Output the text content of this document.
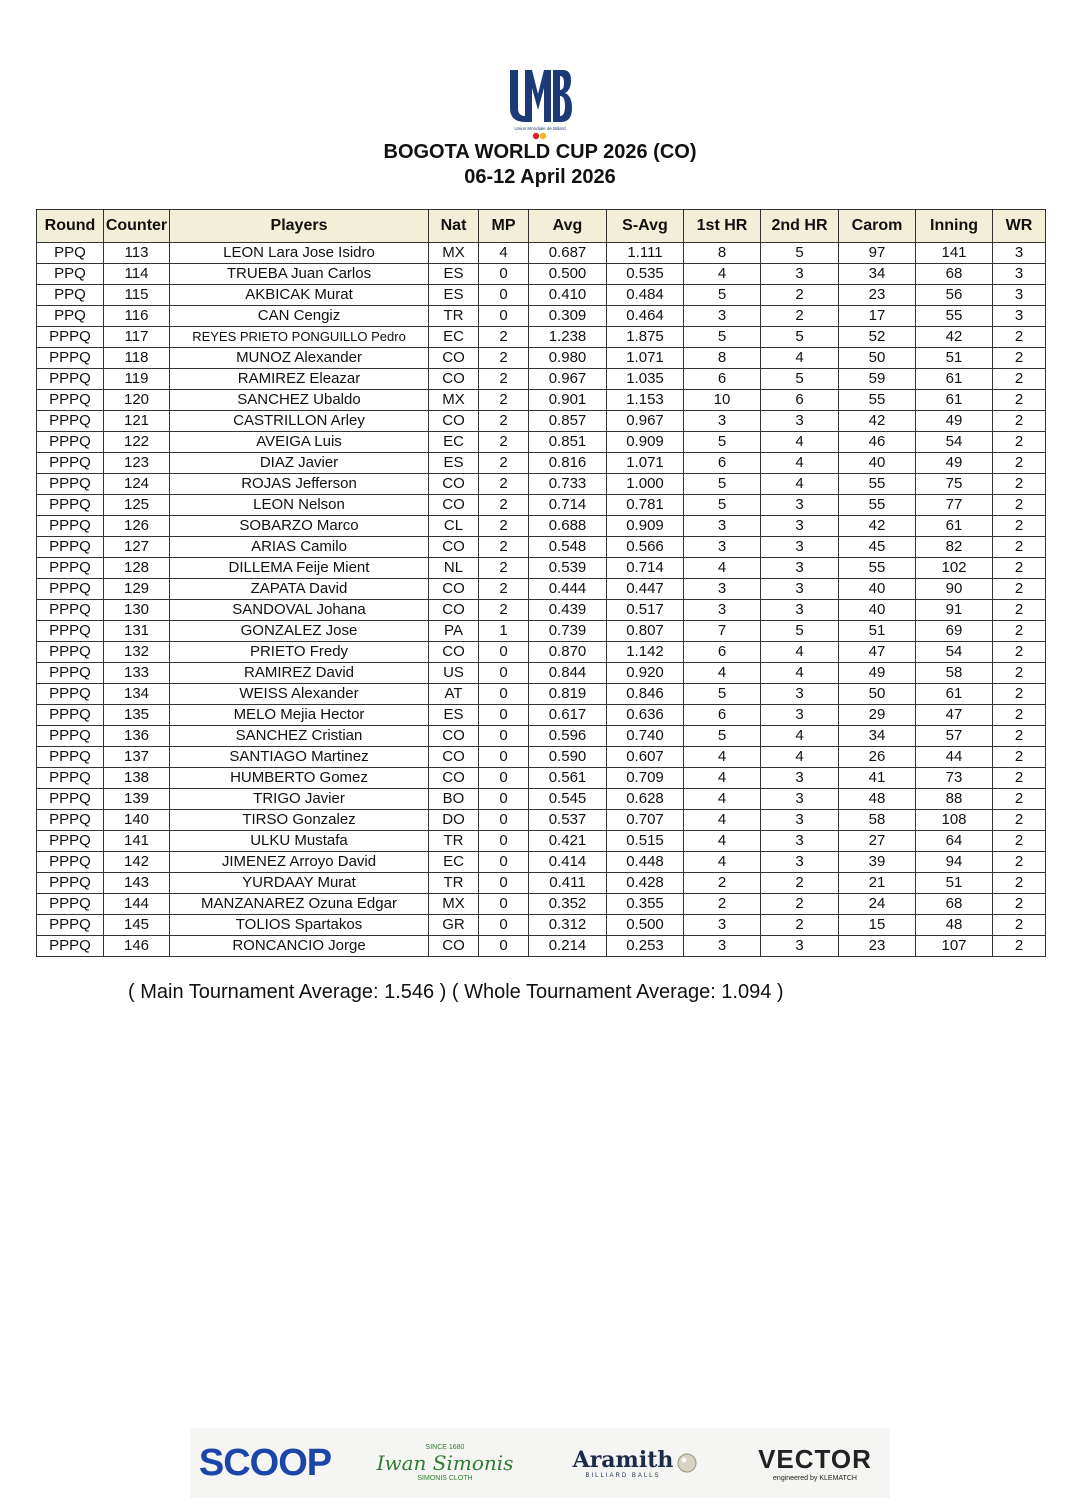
Union Mondiale de Billard
BOGOTA WORLD CUP 2026 (CO)
06-12 April 2026
Round	Counter	Players	Nat	MP	Avg	S-Avg	1st HR	2nd HR	Carom	Inning	WR
PPQ	113	LEON Lara Jose Isidro	MX	4	0.687	1.111	8	5	97	141	3
PPQ	114	TRUEBA Juan Carlos	ES	0	0.500	0.535	4	3	34	68	3
PPQ	115	AKBICAK Murat	ES	0	0.410	0.484	5	2	23	56	3
PPQ	116	CAN Cengiz	TR	0	0.309	0.464	3	2	17	55	3
PPPQ	117	REYES PRIETO PONGUILLO Pedro	EC	2	1.238	1.875	5	5	52	42	2
PPPQ	118	MUNOZ Alexander	CO	2	0.980	1.071	8	4	50	51	2
PPPQ	119	RAMIREZ Eleazar	CO	2	0.967	1.035	6	5	59	61	2
PPPQ	120	SANCHEZ Ubaldo	MX	2	0.901	1.153	10	6	55	61	2
PPPQ	121	CASTRILLON Arley	CO	2	0.857	0.967	3	3	42	49	2
PPPQ	122	AVEIGA Luis	EC	2	0.851	0.909	5	4	46	54	2
PPPQ	123	DIAZ Javier	ES	2	0.816	1.071	6	4	40	49	2
PPPQ	124	ROJAS Jefferson	CO	2	0.733	1.000	5	4	55	75	2
PPPQ	125	LEON Nelson	CO	2	0.714	0.781	5	3	55	77	2
PPPQ	126	SOBARZO Marco	CL	2	0.688	0.909	3	3	42	61	2
PPPQ	127	ARIAS Camilo	CO	2	0.548	0.566	3	3	45	82	2
PPPQ	128	DILLEMA Feije Mient	NL	2	0.539	0.714	4	3	55	102	2
PPPQ	129	ZAPATA David	CO	2	0.444	0.447	3	3	40	90	2
PPPQ	130	SANDOVAL Johana	CO	2	0.439	0.517	3	3	40	91	2
PPPQ	131	GONZALEZ Jose	PA	1	0.739	0.807	7	5	51	69	2
PPPQ	132	PRIETO Fredy	CO	0	0.870	1.142	6	4	47	54	2
PPPQ	133	RAMIREZ David	US	0	0.844	0.920	4	4	49	58	2
PPPQ	134	WEISS Alexander	AT	0	0.819	0.846	5	3	50	61	2
PPPQ	135	MELO Mejia Hector	ES	0	0.617	0.636	6	3	29	47	2
PPPQ	136	SANCHEZ Cristian	CO	0	0.596	0.740	5	4	34	57	2
PPPQ	137	SANTIAGO Martinez	CO	0	0.590	0.607	4	4	26	44	2
PPPQ	138	HUMBERTO Gomez	CO	0	0.561	0.709	4	3	41	73	2
PPPQ	139	TRIGO Javier	BO	0	0.545	0.628	4	3	48	88	2
PPPQ	140	TIRSO Gonzalez	DO	0	0.537	0.707	4	3	58	108	2
PPPQ	141	ULKU Mustafa	TR	0	0.421	0.515	4	3	27	64	2
PPPQ	142	JIMENEZ Arroyo David	EC	0	0.414	0.448	4	3	39	94	2
PPPQ	143	YURDAAY Murat	TR	0	0.411	0.428	2	2	21	51	2
PPPQ	144	MANZANAREZ Ozuna Edgar	MX	0	0.352	0.355	2	2	24	68	2
PPPQ	145	TOLIOS Spartakos	GR	0	0.312	0.500	3	2	15	48	2
PPPQ	146	RONCANCIO Jorge	CO	0	0.214	0.253	3	3	23	107	2
( Main Tournament Average: 1.546 ) ( Whole Tournament Average: 1.094 )
SCOOP	SINCE 1680
Iwan Simonis
SIMONIS CLOTH
Aramith
BILLIARD BALLS
VECTOR
engineered by KLEMATCH
